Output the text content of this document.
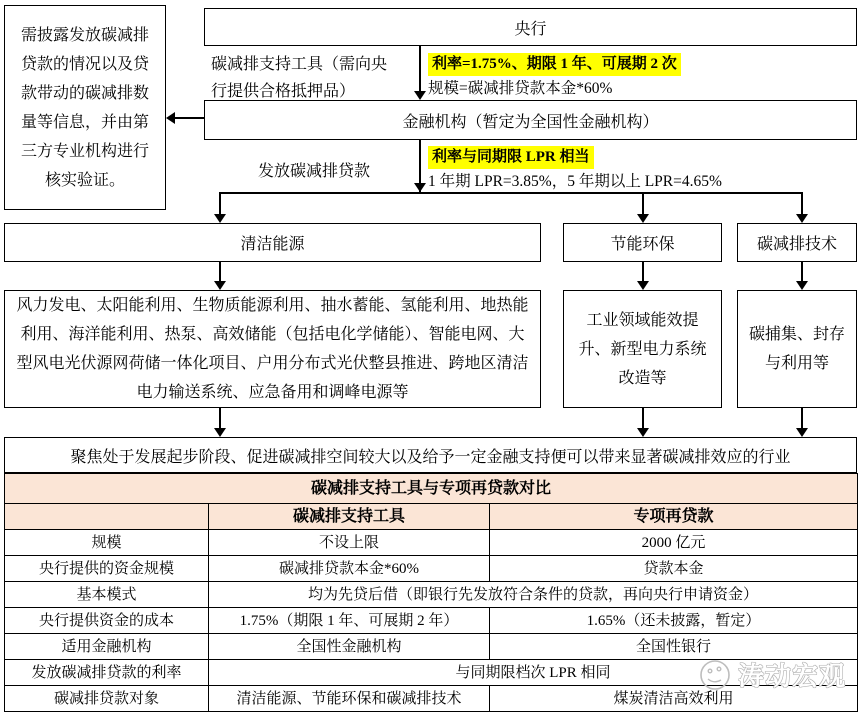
需披露发放碳减排贷款的情况以及贷款带动的碳减排数量等信息，并由第三方专业机构进行核实验证。
央行
碳减排支持工具（需向央行提供合格抵押品）
利率=1.75%、期限 1 年、可展期 2 次
规模=碳减排贷款本金*60%
金融机构（暂定为全国性金融机构）
发放碳减排贷款
利率与同期限 LPR 相当
1 年期 LPR=3.85%，5 年期以上 LPR=4.65%
清洁能源	节能环保	碳减排技术
风力发电、太阳能利用、生物质能源利用、抽水蓄能、氢能利用、地热能利用、海洋能利用、热泵、高效储能（包括电化学储能）、智能电网、大型风电光伏源网荷储一体化项目、户用分布式光伏整县推进、跨地区清洁电力输送系统、应急备用和调峰电源等
工业领域能效提升、新型电力系统改造等
碳捕集、封存与利用等
聚焦处于发展起步阶段、促进碳减排空间较大以及给予一定金融支持便可以带来显著碳减排效应的行业
碳减排支持工具与专项再贷款对比		
	碳减排支持工具	专项再贷款
规模	不设上限	2000 亿元
央行提供的资金规模	碳减排贷款本金*60%	贷款本金
基本模式	均为先贷后借（即银行先发放符合条件的贷款，再向央行申请资金）	
央行提供资金的成本	1.75%（期限 1 年、可展期 2 年）	1.65%（还未披露，暂定）
适用金融机构	全国性金融机构	全国性银行
发放碳减排贷款的利率	与同期限档次 LPR 相同	
碳减排贷款对象	清洁能源、节能环保和碳减排技术	煤炭清洁高效利用
涛动宏观
